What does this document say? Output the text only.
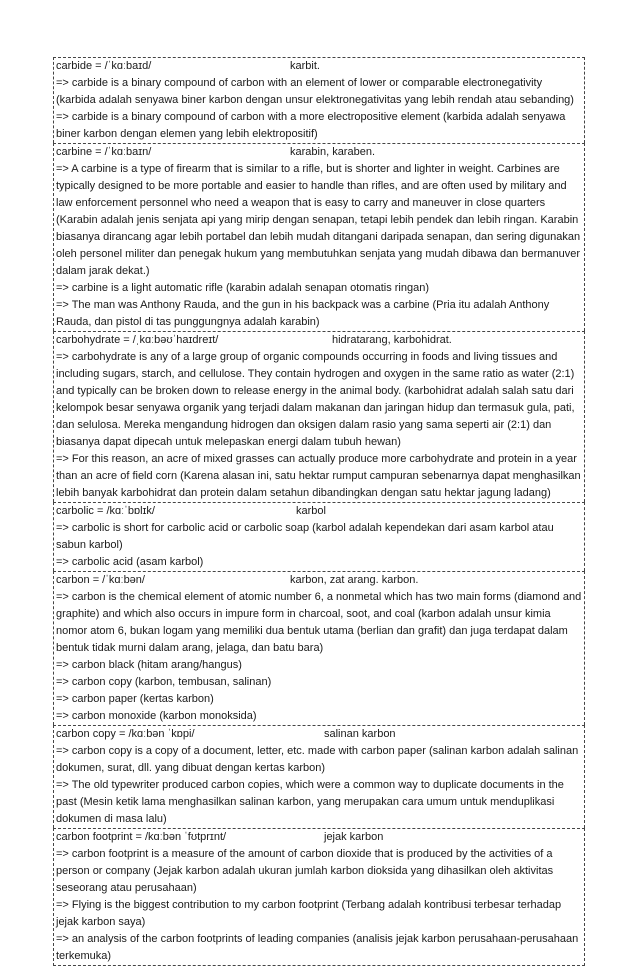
carbide = /ˈkɑːbaɪd/	karbit.
=> carbide is a binary compound of carbon with an element of lower or comparable electronegativity (karbida adalah senyawa biner karbon dengan unsur elektronegativitas yang lebih rendah atau sebanding)
=> carbide is a binary compound of carbon with a more electropositive element (karbida adalah senyawa biner karbon dengan elemen yang lebih elektropositif)
carbine = /ˈkɑːbaɪn/	karabin, karaben.
=> A carbine is a type of firearm that is similar to a rifle, but is shorter and lighter in weight. Carbines are typically designed to be more portable and easier to handle than rifles, and are often used by military and law enforcement personnel who need a weapon that is easy to carry and maneuver in close quarters (Karabin adalah jenis senjata api yang mirip dengan senapan, tetapi lebih pendek dan lebih ringan. Karabin biasanya dirancang agar lebih portabel dan lebih mudah ditangani daripada senapan, dan sering digunakan oleh personel militer dan penegak hukum yang membutuhkan senjata yang mudah dibawa dan bermanuver dalam jarak dekat.)
=> carbine is a light automatic rifle (karabin adalah senapan otomatis ringan)
=> The man was Anthony Rauda, and the gun in his backpack was a carbine (Pria itu adalah Anthony Rauda, dan pistol di tas punggungnya adalah karabin)
carbohydrate = /ˌkɑːbəʊˈhaɪdreɪt/	hidratarang, karbohidrat.
=> carbohydrate is any of a large group of organic compounds occurring in foods and living tissues and including sugars, starch, and cellulose. They contain hydrogen and oxygen in the same ratio as water (2:1) and typically can be broken down to release energy in the animal body. (karbohidrat adalah salah satu dari kelompok besar senyawa organik yang terjadi dalam makanan dan jaringan hidup dan termasuk gula, pati, dan selulosa. Mereka mengandung hidrogen dan oksigen dalam rasio yang sama seperti air (2:1) dan biasanya dapat dipecah untuk melepaskan energi dalam tubuh hewan)
=> For this reason, an acre of mixed grasses can actually produce more carbohydrate and protein in a year than an acre of field corn (Karena alasan ini, satu hektar rumput campuran sebenarnya dapat menghasilkan lebih banyak karbohidrat dan protein dalam setahun dibandingkan dengan satu hektar jagung ladang)
carbolic = /kɑːˈbɒlɪk/	karbol
=> carbolic is short for carbolic acid or carbolic soap (karbol adalah kependekan dari asam karbol atau sabun karbol)
=> carbolic acid (asam karbol)
carbon = /ˈkɑːbən/	karbon, zat arang. karbon.
=> carbon is the chemical element of atomic number 6, a nonmetal which has two main forms (diamond and graphite) and which also occurs in impure form in charcoal, soot, and coal (karbon adalah unsur kimia nomor atom 6, bukan logam yang memiliki dua bentuk utama (berlian dan grafit) dan juga terdapat dalam bentuk tidak murni dalam arang, jelaga, dan batu bara)
=> carbon black (hitam arang/hangus)
=> carbon copy (karbon, tembusan, salinan)
=> carbon paper (kertas karbon)
=> carbon monoxide (karbon monoksida)
carbon copy = /kɑːbən ˈkɒpi/	salinan karbon
=> carbon copy is a copy of a document, letter, etc. made with carbon paper (salinan karbon adalah salinan dokumen, surat, dll. yang dibuat dengan kertas karbon)
=> The old typewriter produced carbon copies, which were a common way to duplicate documents in the past (Mesin ketik lama menghasilkan salinan karbon, yang merupakan cara umum untuk menduplikasi dokumen di masa lalu)
carbon footprint = /kɑːbən ˈfʊtprɪnt/	jejak karbon
=> carbon footprint is a measure of the amount of carbon dioxide that is produced by the activities of a person or company (Jejak karbon adalah ukuran jumlah karbon dioksida yang dihasilkan oleh aktivitas seseorang atau perusahaan)
=> Flying is the biggest contribution to my carbon footprint (Terbang adalah kontribusi terbesar terhadap jejak karbon saya)
=> an analysis of the carbon footprints of leading companies (analisis jejak karbon perusahaan-perusahaan terkemuka)
